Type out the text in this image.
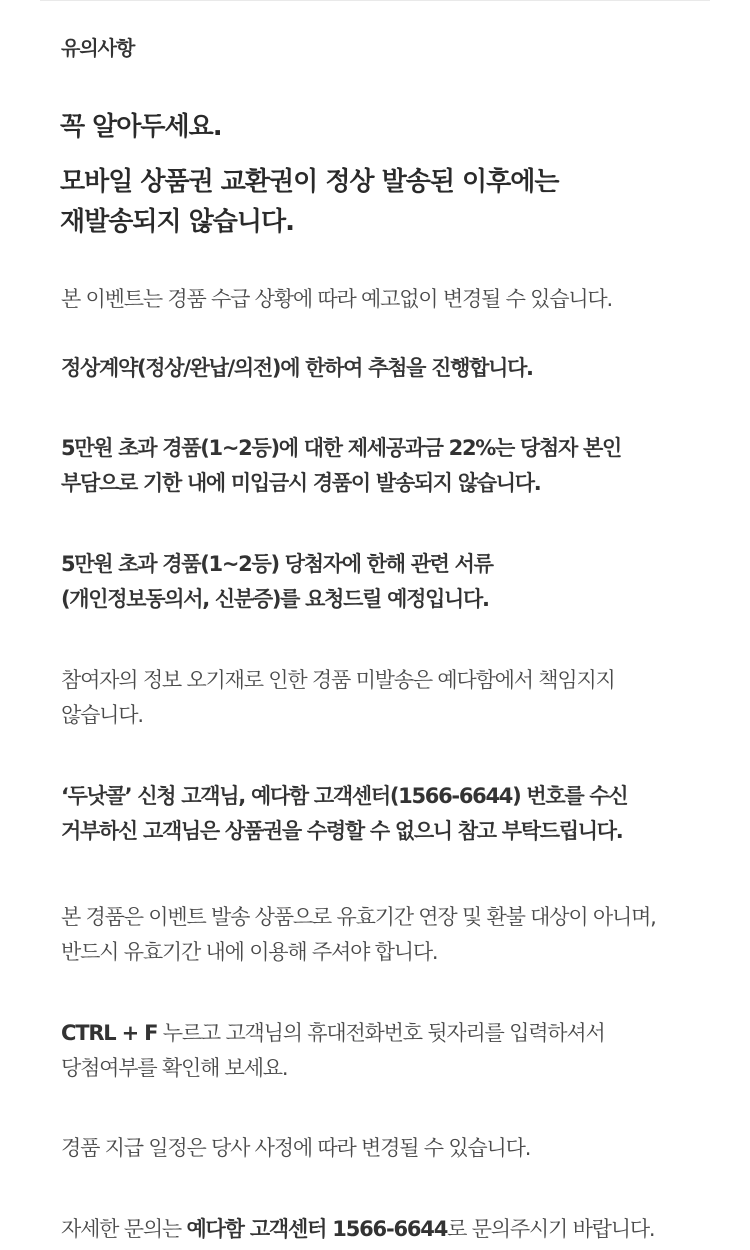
유의사항
꼭 알아두세요.
모바일 상품권 교환권이 정상 발송된 이후에는
재발송되지 않습니다.
본 이벤트는 경품 수급 상황에 따라 예고없이 변경될 수 있습니다.
정상계약(정상/완납/의전)에 한하여 추첨을 진행합니다.
5만원 초과 경품(1~2등)에 대한 제세공과금 22%는 당첨자 본인
부담으로 기한 내에 미입금시 경품이 발송되지 않습니다.
5만원 초과 경품(1~2등) 당첨자에 한해 관련 서류
(개인정보동의서, 신분증)를 요청드릴 예정입니다.
참여자의 정보 오기재로 인한 경품 미발송은 예다함에서 책임지지
않습니다.
‘두낫콜’ 신청 고객님, 예다함 고객센터(1566-6644) 번호를 수신
거부하신 고객님은 상품권을 수령할 수 없으니 참고 부탁드립니다.
본 경품은 이벤트 발송 상품으로 유효기간 연장 및 환불 대상이 아니며,
반드시 유효기간 내에 이용해 주셔야 합니다.
CTRL + F 누르고 고객님의 휴대전화번호 뒷자리를 입력하셔서
당첨여부를 확인해 보세요.
경품 지급 일정은 당사 사정에 따라 변경될 수 있습니다.
자세한 문의는 예다함 고객센터 1566-6644로 문의주시기 바랍니다.
